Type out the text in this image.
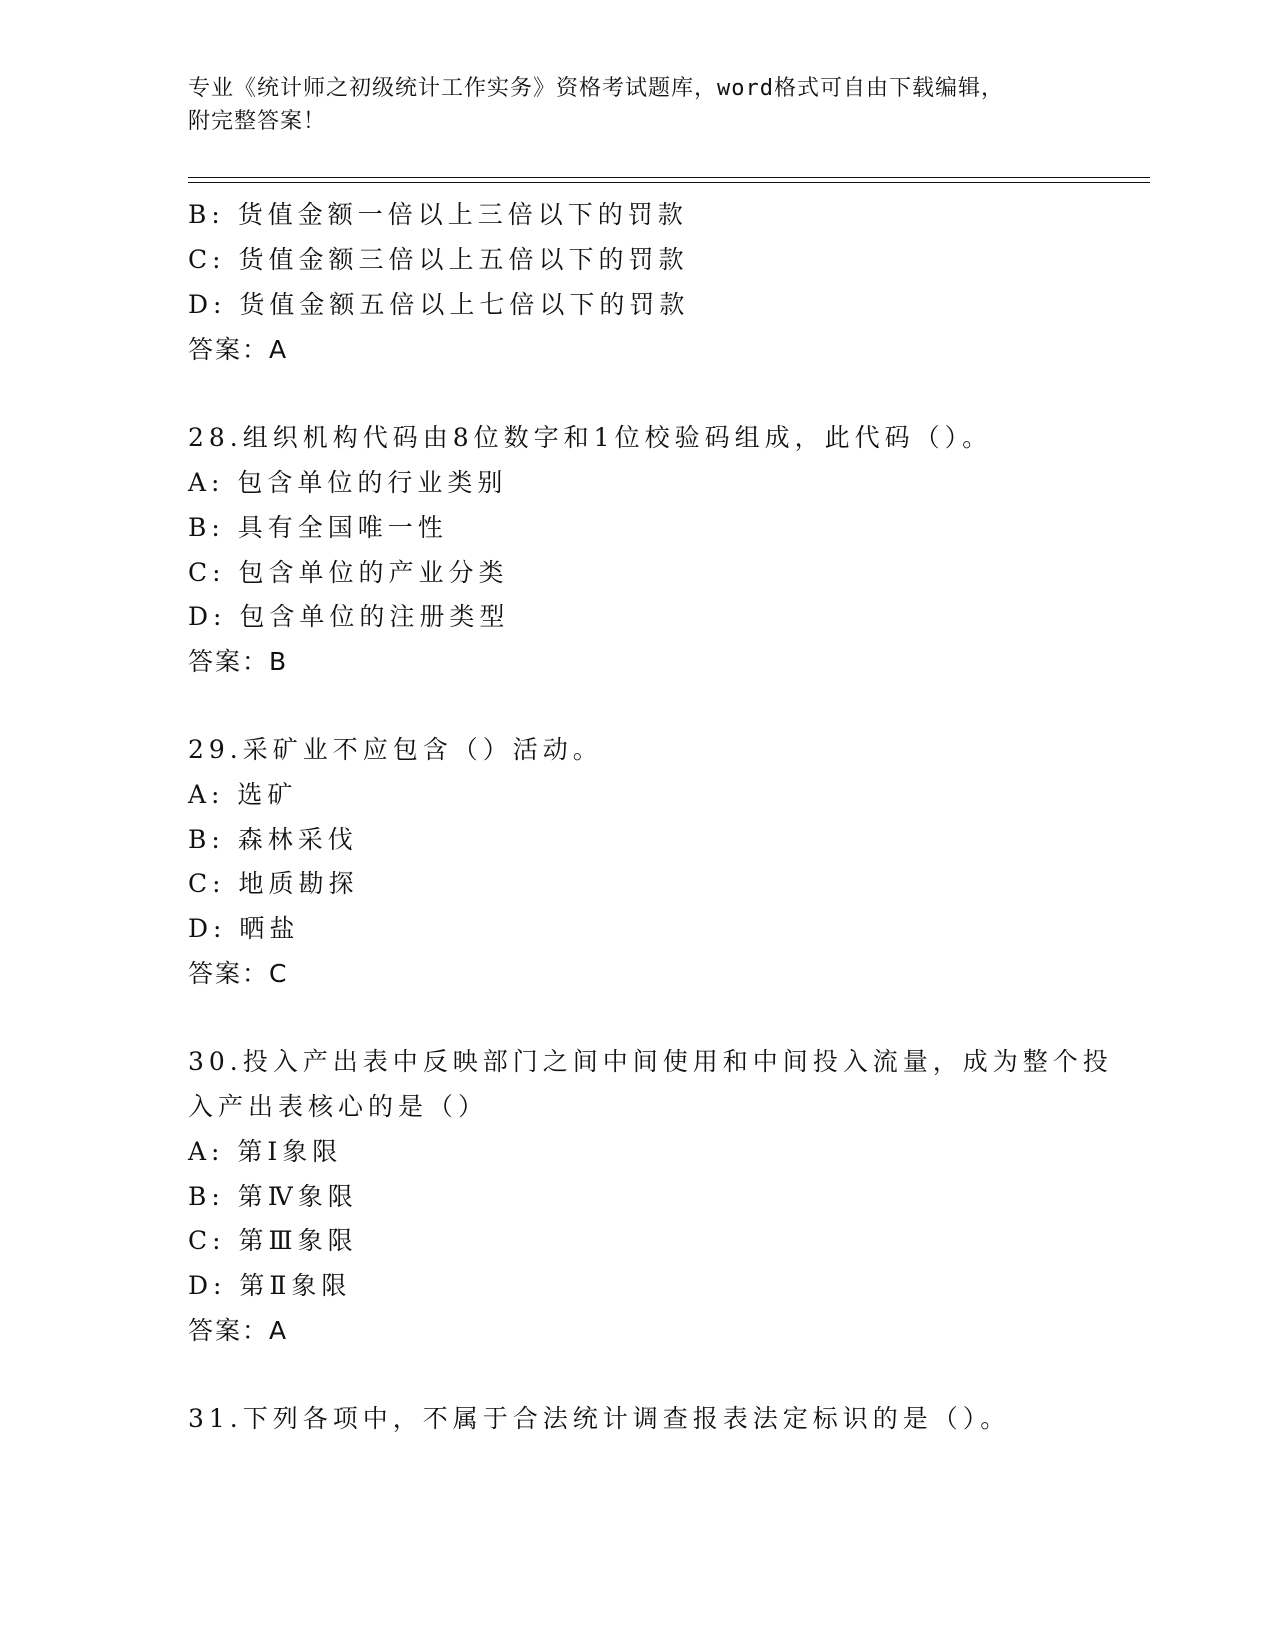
专业《统计师之初级统计工作实务》资格考试题库，word格式可自由下载编辑，
附完整答案！
B: 货值金额一倍以上三倍以下的罚款
C: 货值金额三倍以上五倍以下的罚款
D: 货值金额五倍以上七倍以下的罚款
答案：A
28.组织机构代码由8位数字和1位校验码组成，此代码（）。
A: 包含单位的行业类别
B: 具有全国唯一性
C: 包含单位的产业分类
D: 包含单位的注册类型
答案：B
29.采矿业不应包含（）活动。
A: 选矿
B: 森林采伐
C: 地质勘探
D: 晒盐
答案：C
30.投入产出表中反映部门之间中间使用和中间投入流量，成为整个投
入产出表核心的是（）
A: 第Ⅰ象限
B: 第Ⅳ象限
C: 第Ⅲ象限
D: 第Ⅱ象限
答案：A
31.下列各项中，不属于合法统计调查报表法定标识的是（）。
